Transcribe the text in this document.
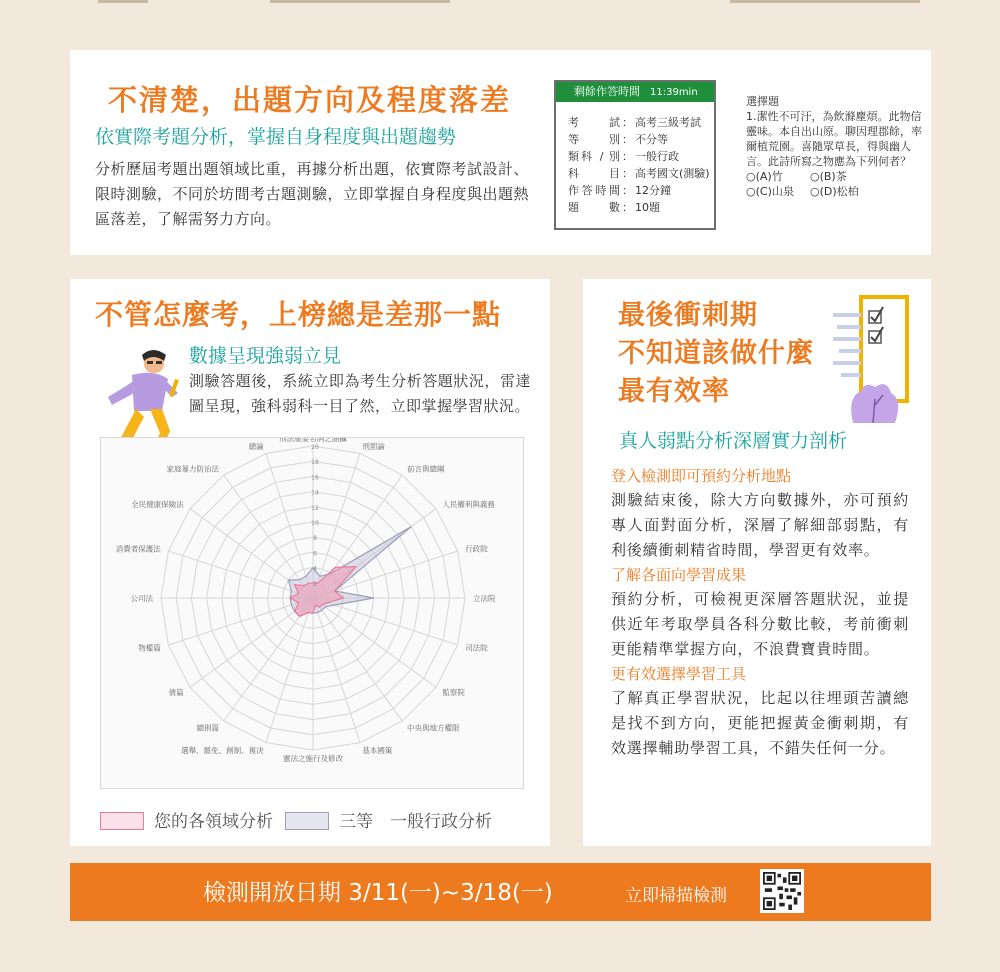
不清楚，出題方向及程度落差
依實際考題分析，掌握自身程度與出題趨勢
分析歷屆考題出題領域比重，再據分析出題，依實際考試設計、限時測驗，不同於坊間考古題測驗，立即掌握自身程度與出題熱區落差，了解需努力方向。
剩餘作答時間 11:39min
考　　試 ： 高考三級考試
等　　別 ： 不分等
類科 / 別 ： 一般行政
科　　目 ： 高考國文(測驗)
作答時間 ： 12分鐘
題　　數 ： 10題
選擇題
1.潔性不可汙，為飲滌塵煩。此物信靈味。本自出山原。聊因理郡餘，率爾植荒園。喜隨眾草長，得與幽人言。此詩所寫之物應為下列何者？
○(A)竹 ○(B)茶
○(C)山泉 ○(D)松柏
不管怎麼考，上榜總是差那一點
數據呈現強弱立見
測驗答題後，系統立即為考生分析答題狀況，雷達圖呈現，強科弱科一目了然，立即掌握學習狀況。
2
4
6
8
10
12
14
16
18
20
刑法重要名詞之涵攝
刑罰論
前言與總綱
人民權利與義務
行政院
立法院
司法院
監察院
中央與地方權限
基本國策
憲法之施行及修改
選舉、罷免、創制、複決
總則篇
債篇
物權篇
公司法
消費者保護法
全民健康保險法
家庭暴力防治法
總論
您的各領域分析	三等　一般行政分析
最後衝刺期
不知道該做什麼
最有效率
真人弱點分析深層實力剖析
登入檢測即可預約分析地點
測驗結束後，除大方向數據外，亦可預約專人面對面分析，深層了解細部弱點，有利後續衝刺精省時間，學習更有效率。
了解各面向學習成果
預約分析，可檢視更深層答題狀況，並提供近年考取學員各科分數比較，考前衝刺更能精準掌握方向，不浪費寶貴時間。
更有效選擇學習工具
了解真正學習狀況，比起以往埋頭苦讀總是找不到方向，更能把握黃金衝刺期，有效選擇輔助學習工具，不錯失任何一分。
檢測開放日期 3/11(一)~3/18(一)	立即掃描檢測
